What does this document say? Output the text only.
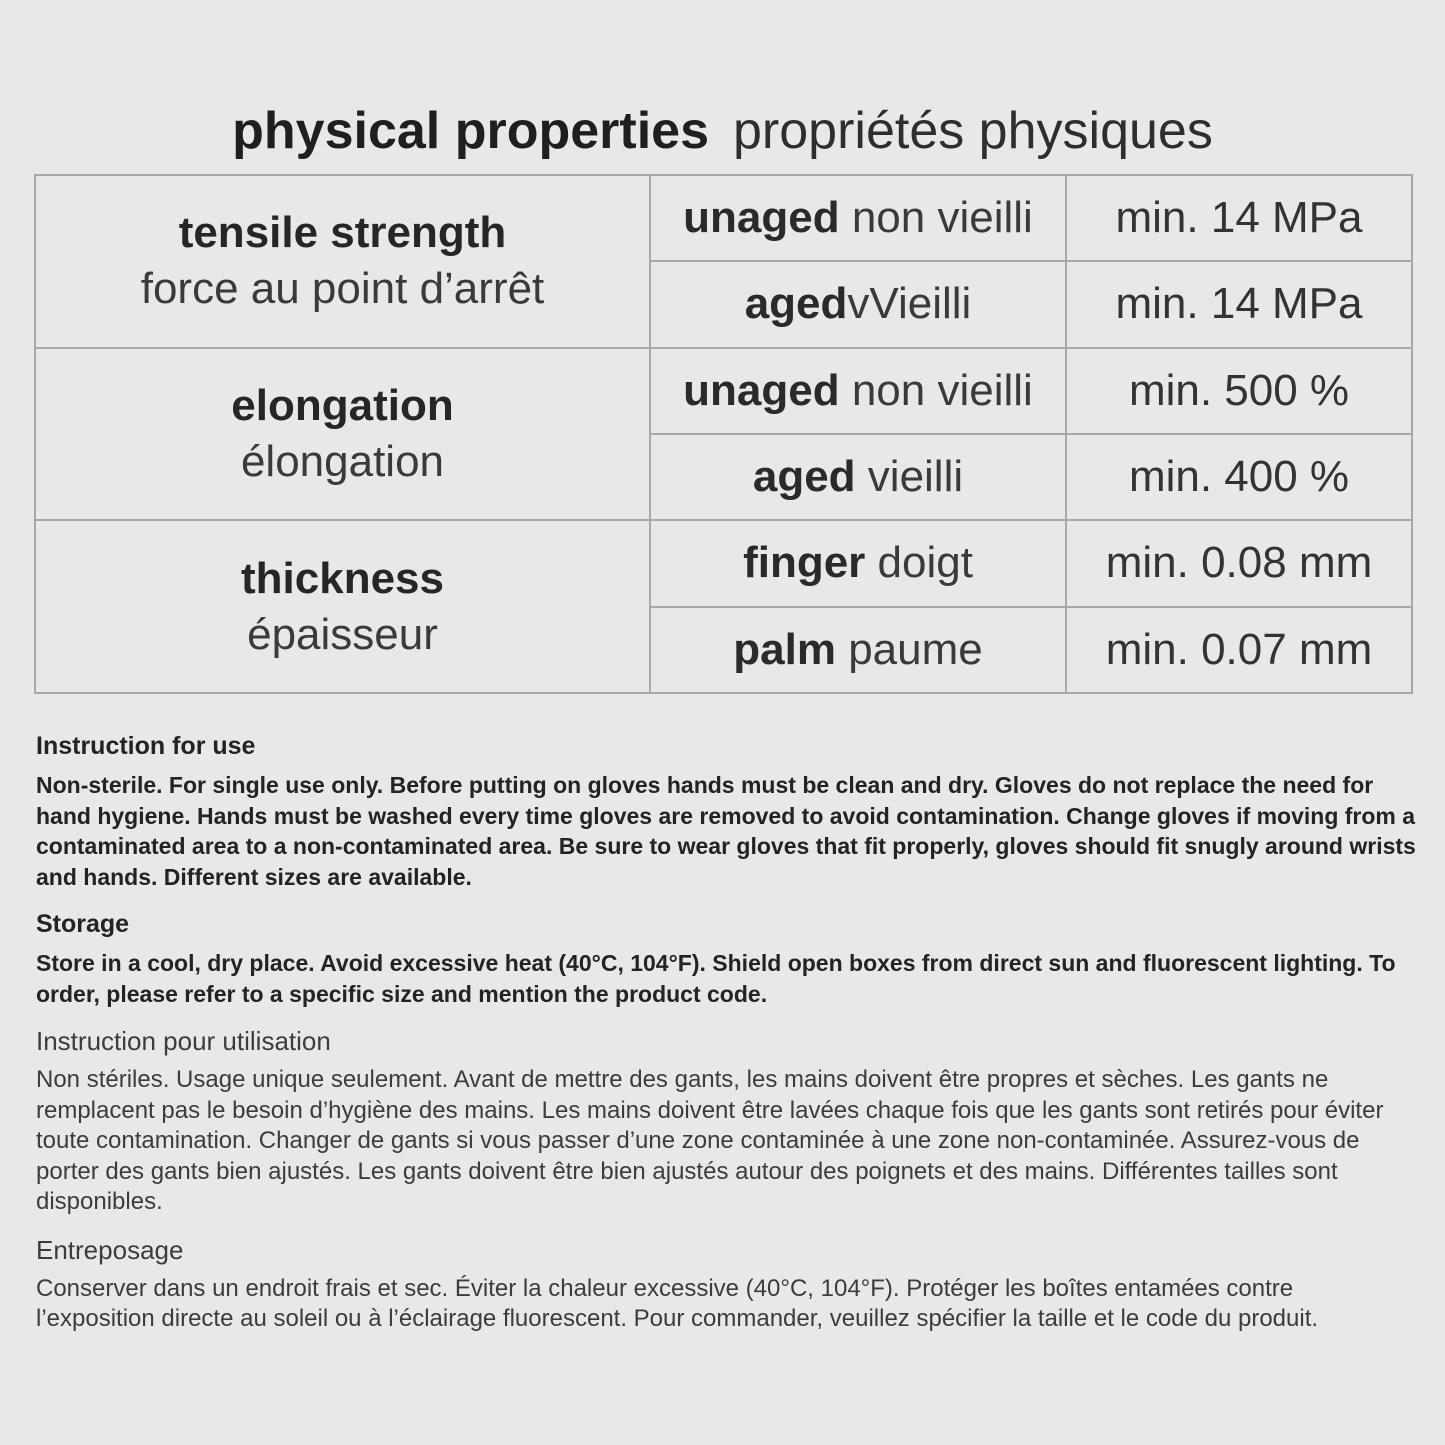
physical properties propriétés physiques
tensile strength
force au point d’arrêt	unaged non vieilli	min. 14 MPa
	agedvVieilli	min. 14 MPa

elongation
élongation	unaged non vieilli	min. 500 %
	aged vieilli	min. 400 %

thickness
épaisseur	finger doigt	min. 0.08 mm
	palm paume	min. 0.07 mm
Instruction for use
Non-sterile. For single use only. Before putting on gloves hands must be clean and dry. Gloves do not replace the need for hand hygiene. Hands must be washed every time gloves are removed to avoid contamination. Change gloves if moving from a contaminated area to a non-contaminated area. Be sure to wear gloves that fit properly, gloves should fit snugly around wrists and hands. Different sizes are available.
Storage
Store in a cool, dry place. Avoid excessive heat (40°C, 104°F). Shield open boxes from direct sun and fluorescent lighting. To order, please refer to a specific size and mention the product code.
Instruction pour utilisation
Non stériles. Usage unique seulement. Avant de mettre des gants, les mains doivent être propres et sèches. Les gants ne remplacent pas le besoin d’hygiène des mains. Les mains doivent être lavées chaque fois que les gants sont retirés pour éviter toute contamination. Changer de gants si vous passer d’une zone contaminée à une zone non-contaminée. Assurez-vous de porter des gants bien ajustés. Les gants doivent être bien ajustés autour des poignets et des mains. Différentes tailles sont disponibles.
Entreposage
Conserver dans un endroit frais et sec. Éviter la chaleur excessive (40°C, 104°F). Protéger les boîtes entamées contre l’exposition directe au soleil ou à l’éclairage fluorescent. Pour commander, veuillez spécifier la taille et le code du produit.
